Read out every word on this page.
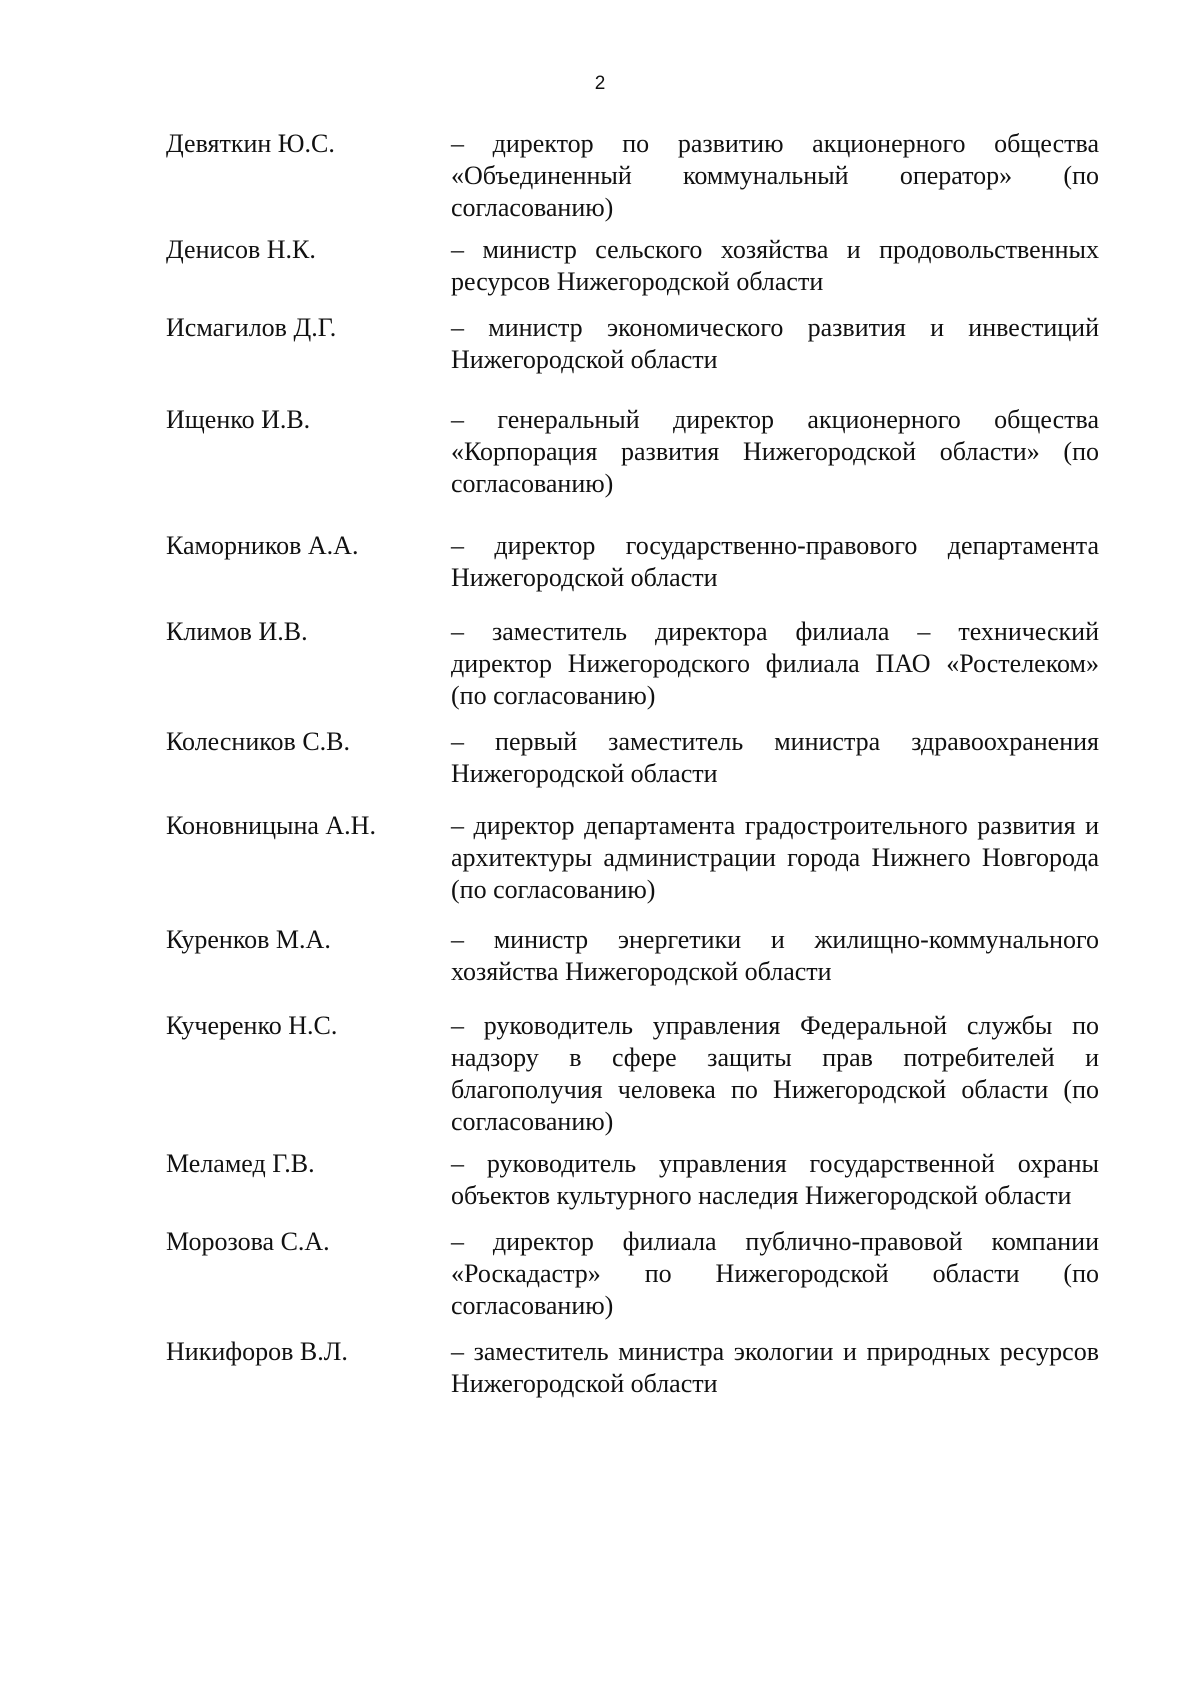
2
Девяткин Ю.С.	– директор по развитию акционерного общества «Объединенный коммунальный оператор» (по согласованию)
Денисов Н.К.	– министр сельского хозяйства и продовольственных ресурсов Нижегородской области
Исмагилов Д.Г.	– министр экономического развития и инвестиций Нижегородской области
Ищенко И.В.	– генеральный директор акционерного общества «Корпорация развития Нижегородской области» (по согласованию)
Каморников А.А.	– директор государственно-правового департамента Нижегородской области
Климов И.В.	– заместитель директора филиала – технический директор Нижегородского филиала ПАО «Ростелеком» (по согласованию)
Колесников С.В.	– первый заместитель министра здравоохранения Нижегородской области
Коновницына А.Н.	– директор департамента градостроительного развития и архитектуры администрации города Нижнего Новгорода (по согласованию)
Куренков М.А.	– министр энергетики и жилищно-коммунального хозяйства Нижегородской области
Кучеренко Н.С.	– руководитель управления Федеральной службы по надзору в сфере защиты прав потребителей и благополучия человека по Нижегородской области (по согласованию)
Меламед Г.В.	– руководитель управления государственной охраны объектов культурного наследия Нижегородской области
Морозова С.А.	– директор филиала публично-правовой компании «Роскадастр» по Нижегородской области (по согласованию)
Никифоров В.Л.	– заместитель министра экологии и природных ресурсов Нижегородской области
